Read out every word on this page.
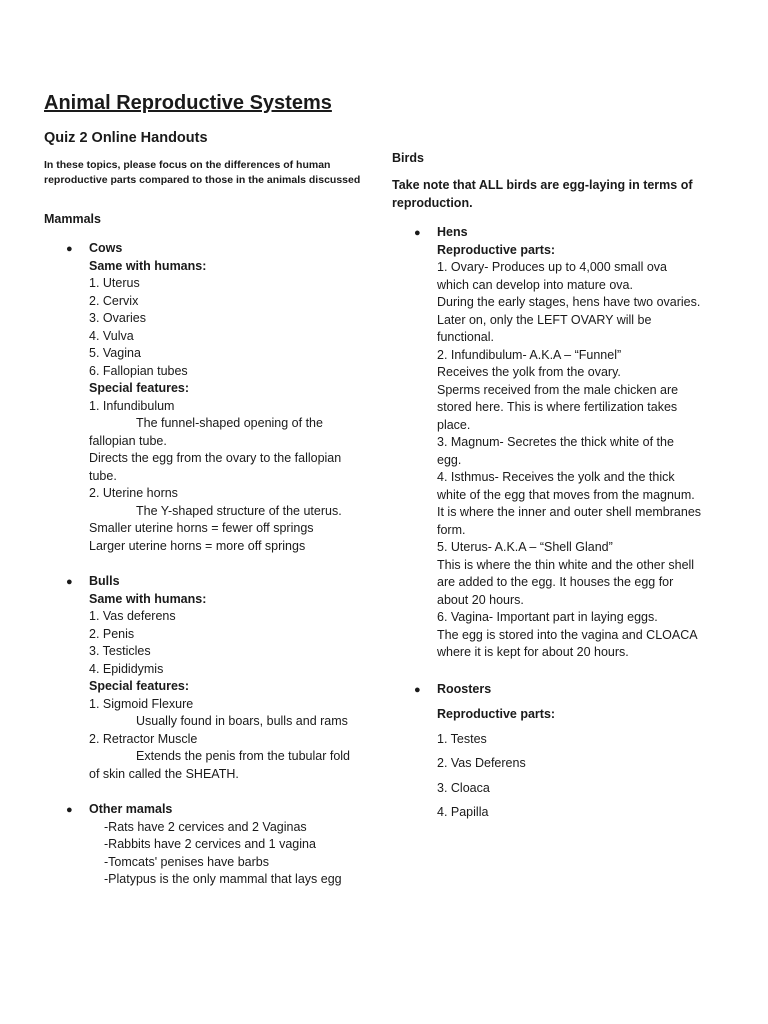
Animal Reproductive Systems
Quiz 2 Online Handouts

In these topics, please focus on the differences of human reproductive parts compared to those in the animals discussed

Mammals
● Cows
Same with humans:
1. Uterus
2. Cervix
3. Ovaries
4. Vulva
5. Vagina
6. Fallopian tubes
Special features:
1. Infundibulum
The funnel-shaped opening of the
fallopian tube.
Directs the egg from the ovary to the fallopian
tube.
2. Uterine horns
The Y-shaped structure of the uterus.
Smaller uterine horns = fewer off springs
Larger uterine horns = more off springs
● Bulls
Same with humans:
1. Vas deferens
2. Penis
3. Testicles
4. Epididymis
Special features:
1. Sigmoid Flexure
Usually found in boars, bulls and rams
2. Retractor Muscle
Extends the penis from the tubular fold
of skin called the SHEATH.
● Other mamals
-Rats have 2 cervices and 2 Vaginas
-Rabbits have 2 cervices and 1 vagina
-Tomcats' penises have barbs
-Platypus is the only mammal that lays egg
Birds

Take note that ALL birds are egg-laying in terms of reproduction.

● Hens
Reproductive parts:
1. Ovary- Produces up to 4,000 small ova
which can develop into mature ova.
During the early stages, hens have two ovaries.
Later on, only the LEFT OVARY will be
functional.
2. Infundibulum- A.K.A – “Funnel”
Receives the yolk from the ovary.
Sperms received from the male chicken are
stored here. This is where fertilization takes
place.
3. Magnum- Secretes the thick white of the
egg.
4. Isthmus- Receives the yolk and the thick
white of the egg that moves from the magnum.
It is where the inner and outer shell membranes
form.
5. Uterus- A.K.A – “Shell Gland”
This is where the thin white and the other shell
are added to the egg. It houses the egg for
about 20 hours.
6. Vagina- Important part in laying eggs.
The egg is stored into the vagina and CLOACA
where it is kept for about 20 hours.
● Roosters
Reproductive parts:
1. Testes
2. Vas Deferens
3. Cloaca
4. Papilla
